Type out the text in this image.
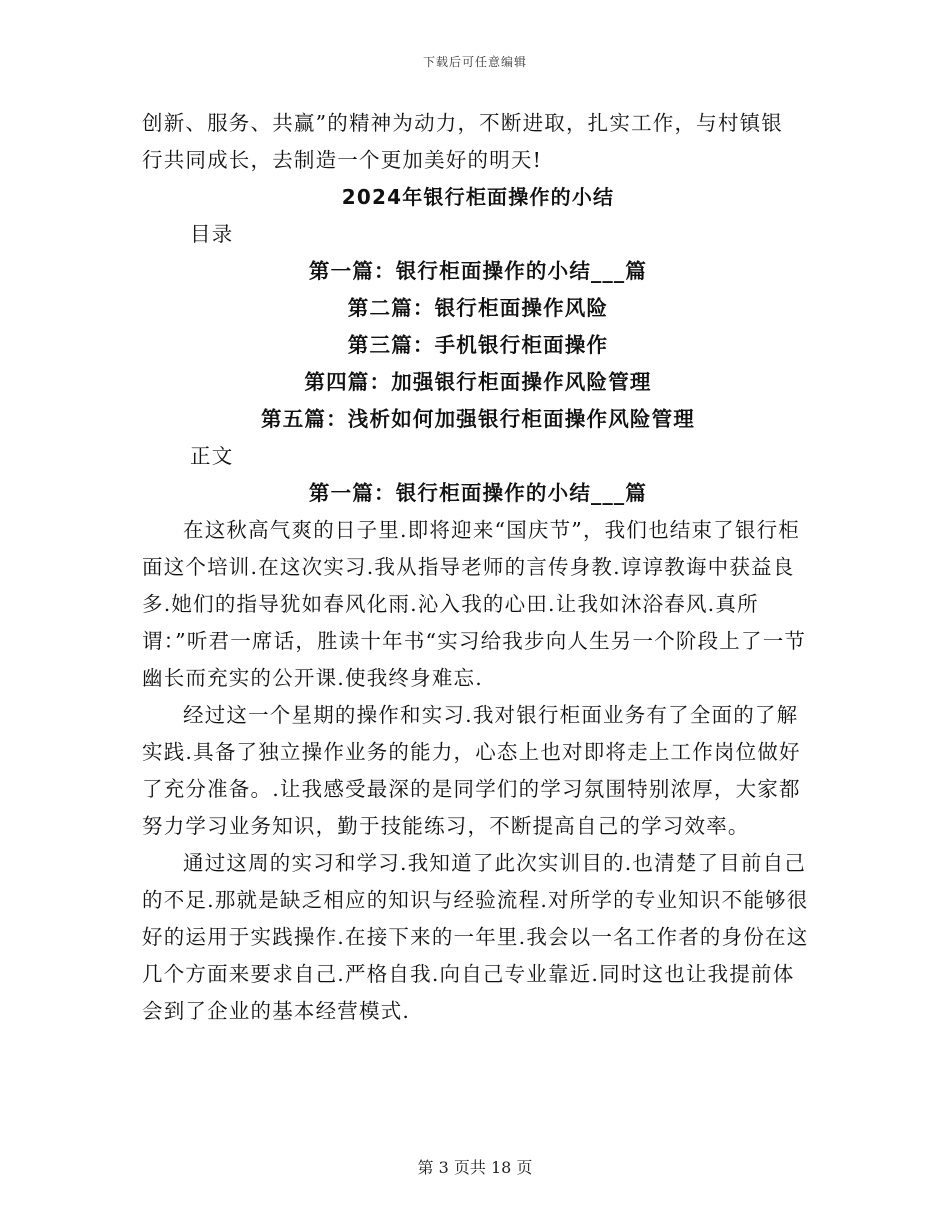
下载后可任意编辑

创新、服务、共赢”的精神为动力，不断进取，扎实工作，与村镇银

行共同成长，去制造一个更加美好的明天!

2024年银行柜面操作的小结

目录

第一篇：银行柜面操作的小结___篇

第二篇：银行柜面操作风险

第三篇：手机银行柜面操作

第四篇：加强银行柜面操作风险管理

第五篇：浅析如何加强银行柜面操作风险管理

正文

第一篇：银行柜面操作的小结___篇

在这秋高气爽的日子里.即将迎来“国庆节”，我们也结束了银行柜面这个培训.在这次实习.我从指导老师的言传身教.谆谆教诲中获益良多.她们的指导犹如春风化雨.沁入我的心田.让我如沐浴春风.真所谓：”听君一席话，胜读十年书“实习给我步向人生另一个阶段上了一节幽长而充实的公开课.使我终身难忘.

经过这一个星期的操作和实习.我对银行柜面业务有了全面的了解实践.具备了独立操作业务的能力，心态上也对即将走上工作岗位做好了充分准备。.让我感受最深的是同学们的学习氛围特别浓厚，大家都努力学习业务知识，勤于技能练习，不断提高自己的学习效率。

通过这周的实习和学习.我知道了此次实训目的.也清楚了目前自己的不足.那就是缺乏相应的知识与经验流程.对所学的专业知识不能够很好的运用于实践操作.在接下来的一年里.我会以一名工作者的身份在这几个方面来要求自己.严格自我.向自己专业靠近.同时这也让我提前体会到了企业的基本经营模式.

第 3 页共 18 页
